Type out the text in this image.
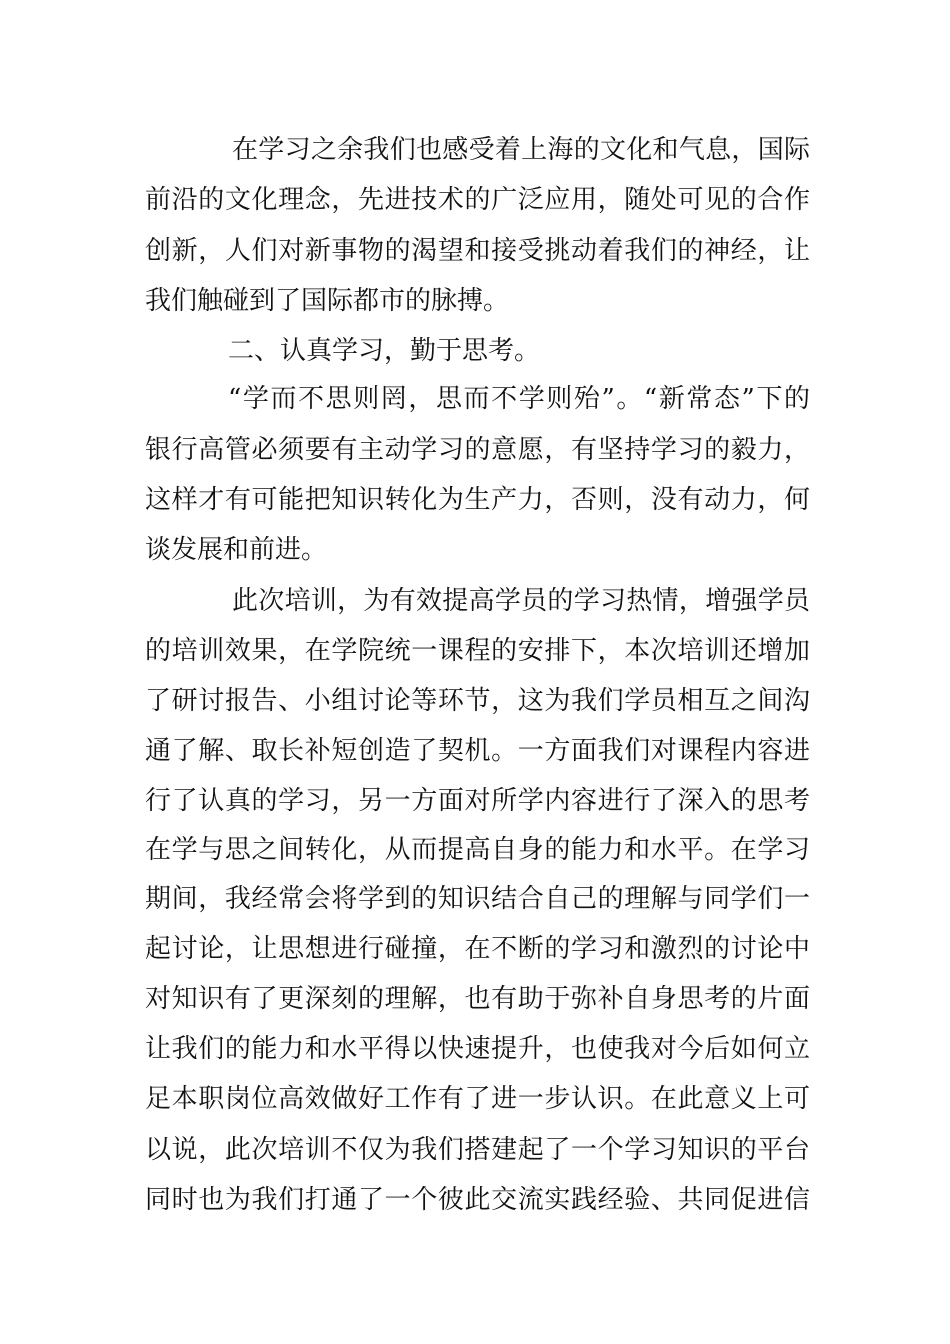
在学习之余我们也感受着上海的文化和气息，国际
前沿的文化理念，先进技术的广泛应用，随处可见的合作
创新，人们对新事物的渴望和接受挑动着我们的神经，让
我们触碰到了国际都市的脉搏。
二、认真学习，勤于思考。
“学而不思则罔，思而不学则殆”。“新常态”下的
银行高管必须要有主动学习的意愿，有坚持学习的毅力，
这样才有可能把知识转化为生产力，否则，没有动力，何
谈发展和前进。
此次培训，为有效提高学员的学习热情，增强学员
的培训效果，在学院统一课程的安排下，本次培训还增加
了研讨报告、小组讨论等环节，这为我们学员相互之间沟
通了解、取长补短创造了契机。一方面我们对课程内容进
行了认真的学习，另一方面对所学内容进行了深入的思考
在学与思之间转化，从而提高自身的能力和水平。在学习
期间，我经常会将学到的知识结合自己的理解与同学们一
起讨论，让思想进行碰撞，在不断的学习和激烈的讨论中
对知识有了更深刻的理解，也有助于弥补自身思考的片面
让我们的能力和水平得以快速提升，也使我对今后如何立
足本职岗位高效做好工作有了进一步认识。在此意义上可
以说，此次培训不仅为我们搭建起了一个学习知识的平台
同时也为我们打通了一个彼此交流实践经验、共同促进信
